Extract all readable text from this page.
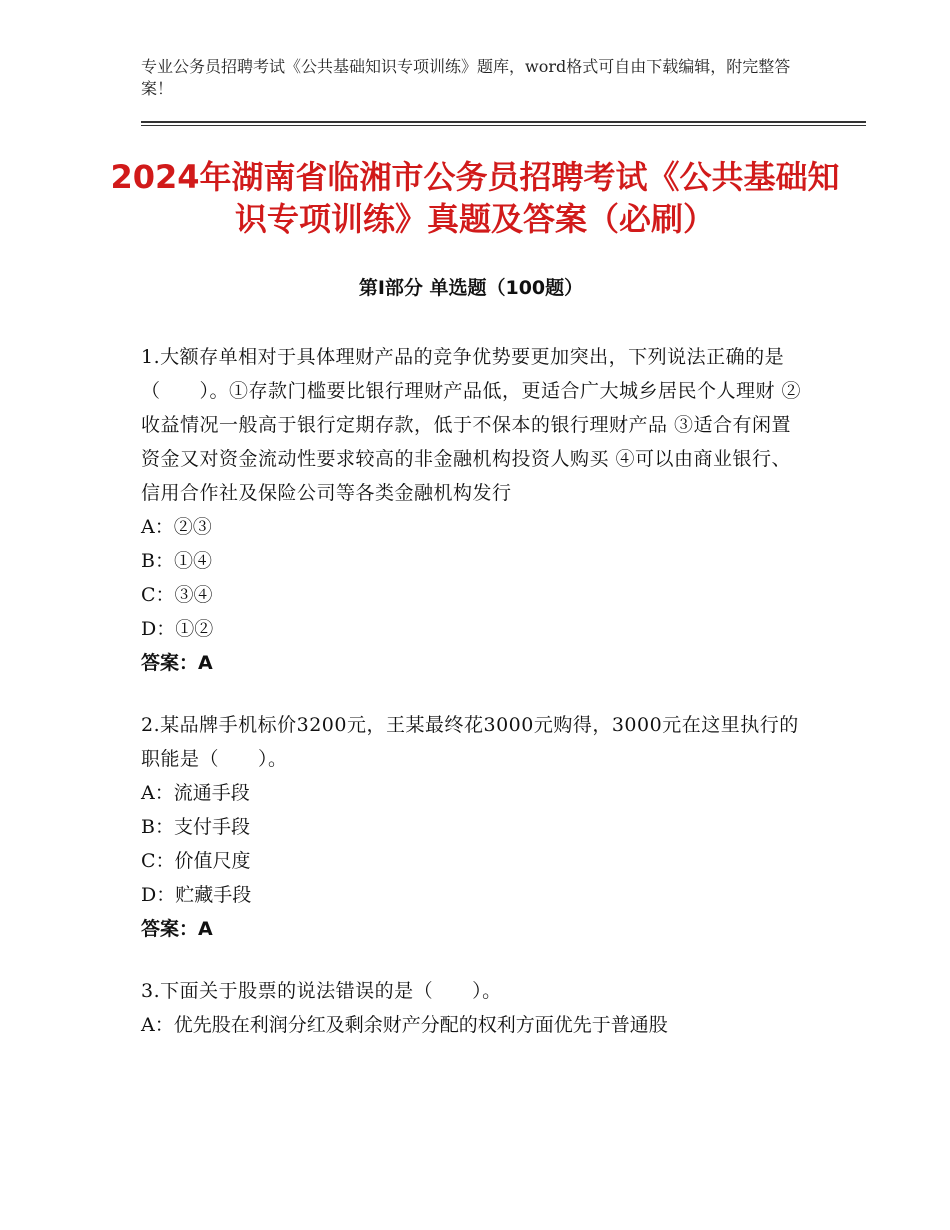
专业公务员招聘考试《公共基础知识专项训练》题库，word格式可自由下载编辑，附完整答案！
2024年湖南省临湘市公务员招聘考试《公共基础知识专项训练》真题及答案（必刷）
第I部分 单选题（100题）
1.大额存单相对于具体理财产品的竞争优势要更加突出，下列说法正确的是（　　）。①存款门槛要比银行理财产品低，更适合广大城乡居民个人理财 ②收益情况一般高于银行定期存款，低于不保本的银行理财产品 ③适合有闲置资金又对资金流动性要求较高的非金融机构投资人购买 ④可以由商业银行、信用合作社及保险公司等各类金融机构发行
A：②③
B：①④
C：③④
D：①②
答案：A
2.某品牌手机标价3200元，王某最终花3000元购得，3000元在这里执行的职能是（　　）。
A：流通手段
B：支付手段
C：价值尺度
D：贮藏手段
答案：A
3.下面关于股票的说法错误的是（　　）。
A：优先股在利润分红及剩余财产分配的权利方面优先于普通股
